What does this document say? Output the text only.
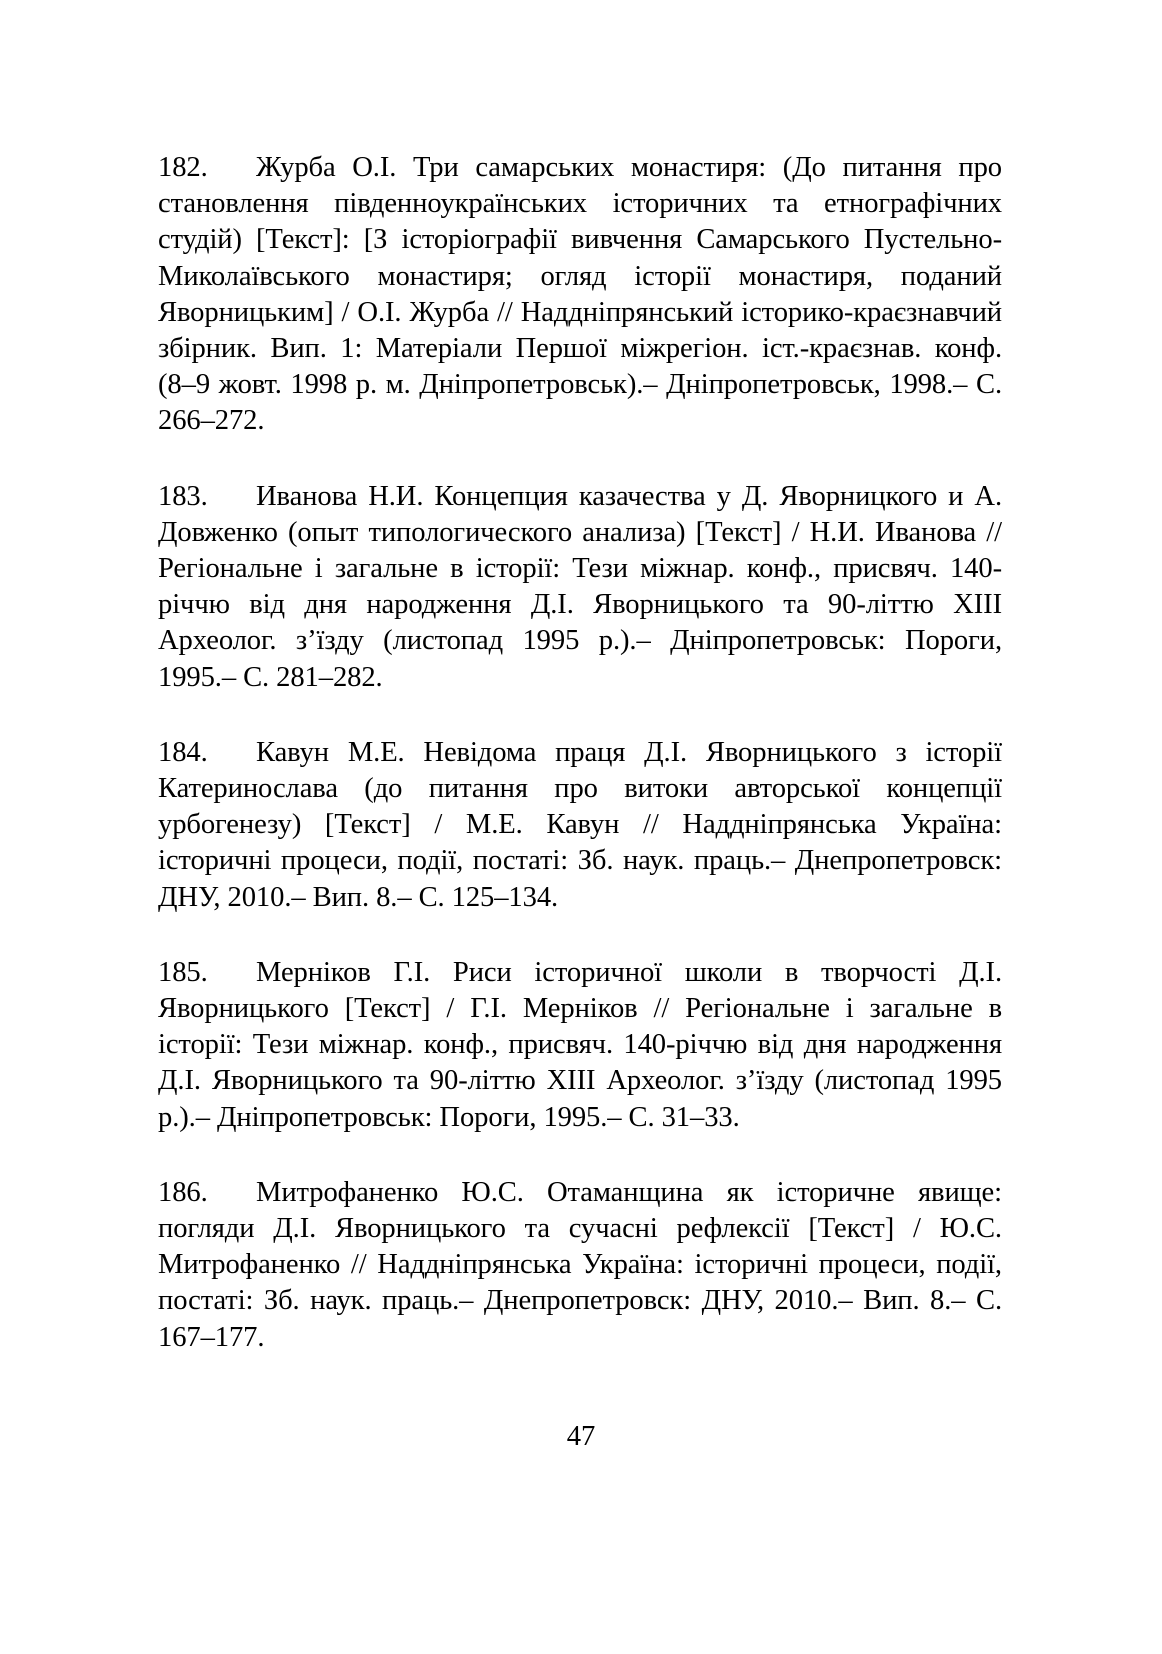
182. Журба О.І. Три самарських монастиря: (До питання про становлення південноукраїнських історичних та етнографічних студій) [Текст]: [З історіографії вивчення Самарського Пустельно-Миколаївського монастиря; огляд історії монастиря, поданий Яворницьким] / О.І. Журба // Наддніпрянський історико-краєзнавчий збірник. Вип. 1: Матеріали Першої міжрегіон. іст.-краєзнав. конф. (8–9 жовт. 1998 р. м. Дніпропетровськ).– Дніпропетровськ, 1998.– С. 266–272.

183. Иванова Н.И. Концепция казачества у Д. Яворницкого и А. Довженко (опыт типологического анализа) [Текст] / Н.И. Иванова // Регіональне і загальне в історії: Тези міжнар. конф., присвяч. 140-річчю від дня народження Д.І. Яворницького та 90-літтю XIII Археолог. з’їзду (листопад 1995 р.).– Дніпропетровськ: Пороги, 1995.– С. 281–282.

184. Кавун М.Е. Невідома праця Д.І. Яворницького з історії Катеринослава (до питання про витоки авторської концепції урбогенезу) [Текст] / М.Е. Кавун // Наддніпрянська Україна: історичні процеси, події, постаті: Зб. наук. праць.– Днепропетровск: ДНУ, 2010.– Вип. 8.– С. 125–134.

185. Мерніков Г.І. Риси історичної школи в творчості Д.І. Яворницького [Текст] / Г.І. Мерніков // Регіональне і загальне в історії: Тези міжнар. конф., присвяч. 140-річчю від дня народження Д.І. Яворницького та 90-літтю XIII Археолог. з’їзду (листопад 1995 р.).– Дніпропетровськ: Пороги, 1995.– С. 31–33.

186. Митрофаненко Ю.С. Отаманщина як історичне явище: погляди Д.І. Яворницького та сучасні рефлексії [Текст] / Ю.С. Митрофаненко // Наддніпрянська Україна: історичні процеси, події, постаті: Зб. наук. праць.– Днепропетровск: ДНУ, 2010.– Вип. 8.– С. 167–177.

47
